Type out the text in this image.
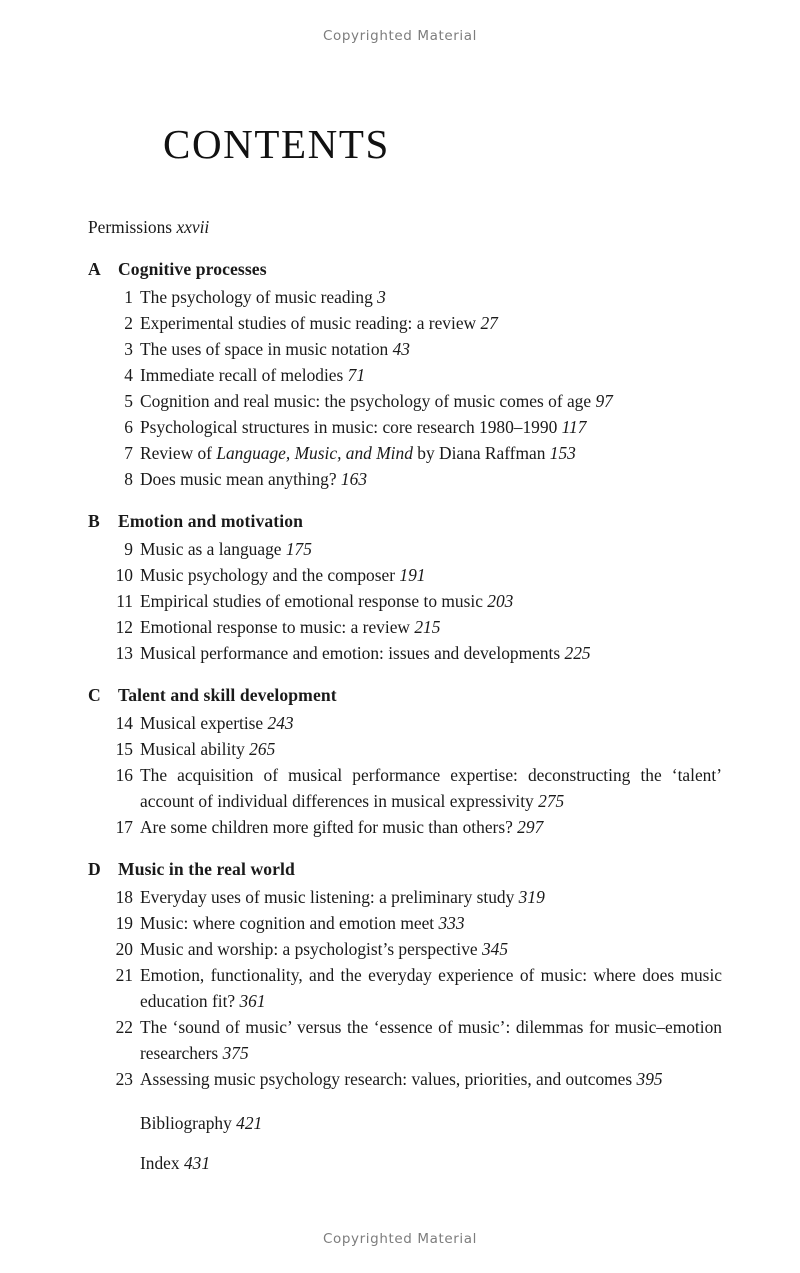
Copyrighted Material
CONTENTS
Permissions xxvii
A Cognitive processes
1 The psychology of music reading 3
2 Experimental studies of music reading: a review 27
3 The uses of space in music notation 43
4 Immediate recall of melodies 71
5 Cognition and real music: the psychology of music comes of age 97
6 Psychological structures in music: core research 1980–1990 117
7 Review of Language, Music, and Mind by Diana Raffman 153
8 Does music mean anything? 163
B	Emotion and motivation
9 Music as a language 175
10 Music psychology and the composer 191
11 Empirical studies of emotional response to music 203
12 Emotional response to music: a review 215
13 Musical performance and emotion: issues and developments 225
C Talent and skill development
14 Musical expertise 243
15 Musical ability 265
16 The acquisition of musical performance expertise: deconstructing the ‘talent’ account of individual differences in musical expressivity 275
17 Are some children more gifted for music than others? 297
D Music in the real world
18 Everyday uses of music listening: a preliminary study 319
19 Music: where cognition and emotion meet 333
20 Music and worship: a psychologist’s perspective 345
21 Emotion, functionality, and the everyday experience of music: where does music education fit? 361
22 The ‘sound of music’ versus the ‘essence of music’: dilemmas for music–emotion researchers 375
23 Assessing music psychology research: values, priorities, and outcomes 395
Bibliography 421
Index 431
Copyrighted Material
